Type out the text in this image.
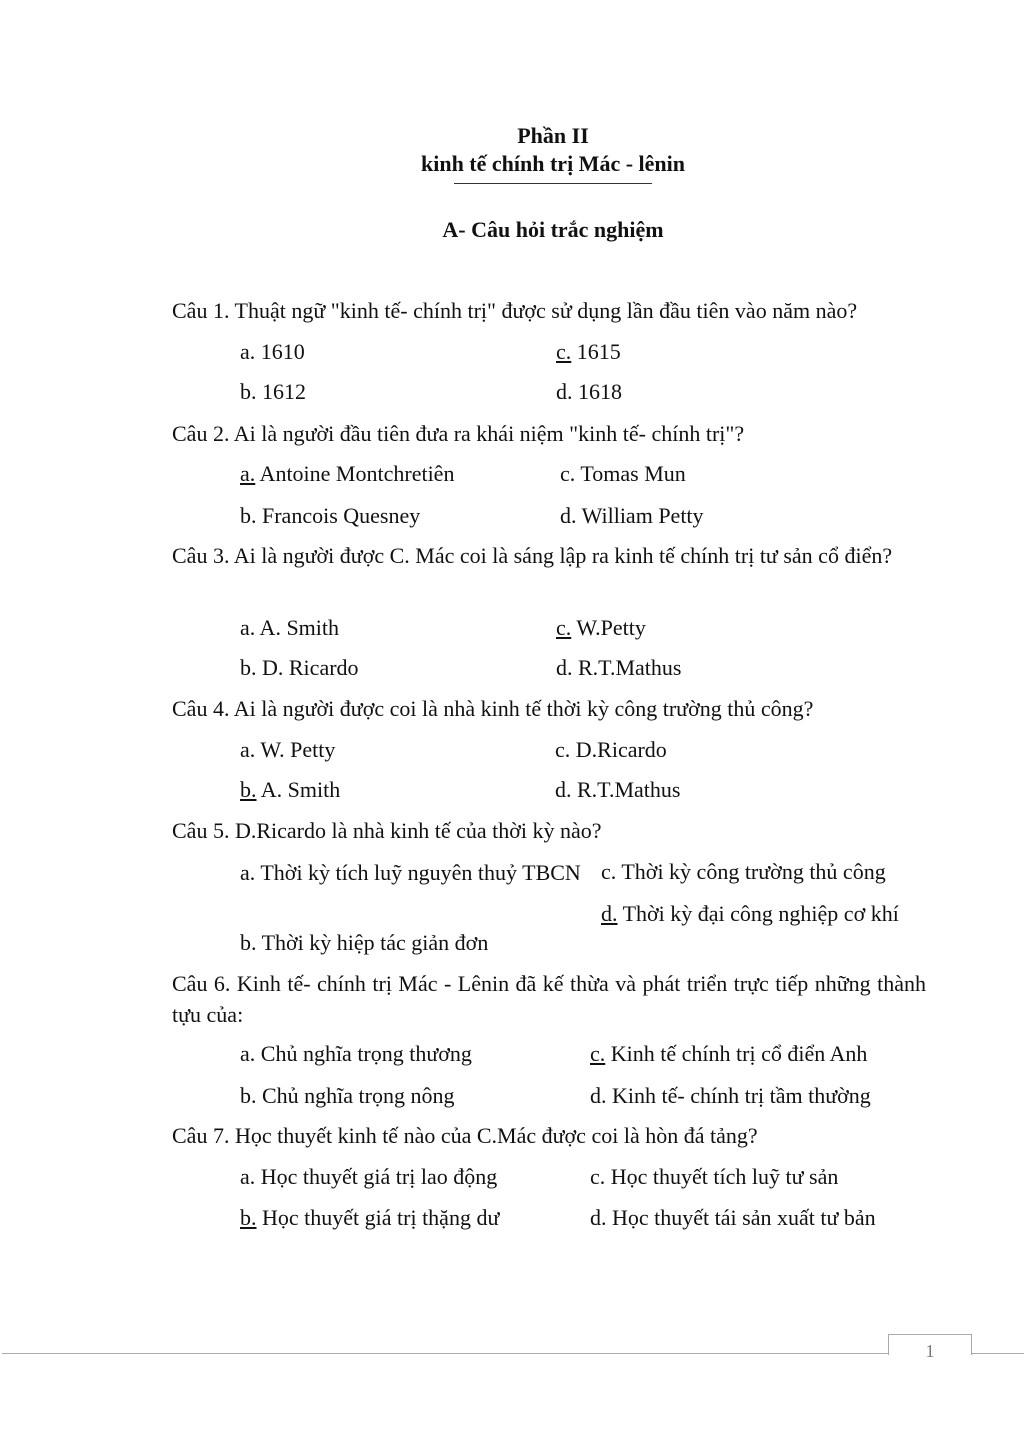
Phần II
kinh tế chính trị Mác - lênin
A- Câu hỏi trắc nghiệm
Câu 1. Thuật ngữ "kinh tế- chính trị" được sử dụng lần đầu tiên vào năm nào?
a. 1610	c. 1615
b. 1612	d. 1618
Câu 2. Ai là người đầu tiên đưa ra khái niệm "kinh tế- chính trị"?
a. Antoine Montchretiên	c. Tomas Mun
b. Francois Quesney	d. William Petty
Câu 3. Ai là người được C. Mác coi là sáng lập ra kinh tế chính trị tư sản cổ điển?
a. A. Smith	c. W.Petty
b. D. Ricardo	d. R.T.Mathus
Câu 4. Ai là người được coi là nhà kinh tế thời kỳ công trường thủ công?
a. W. Petty	c. D.Ricardo
b. A. Smith	d. R.T.Mathus
Câu 5. D.Ricardo là nhà kinh tế của thời kỳ nào?
a. Thời kỳ tích luỹ nguyên thuỷ TBCN c. Thời kỳ công trường thủ công
b. Thời kỳ hiệp tác giản đơn
d. Thời kỳ đại công nghiệp cơ khí
Câu 6. Kinh tế- chính trị Mác - Lênin đã kế thừa và phát triển trực tiếp những thành tựu của:
a. Chủ nghĩa trọng thương	c. Kinh tế chính trị cổ điển Anh
b. Chủ nghĩa trọng nông	d. Kinh tế- chính trị tầm thường
Câu 7. Học thuyết kinh tế nào của C.Mác được coi là hòn đá tảng?
a. Học thuyết giá trị lao động	c. Học thuyết tích luỹ tư sản
b. Học thuyết giá trị thặng dư	d. Học thuyết tái sản xuất tư bản
1
